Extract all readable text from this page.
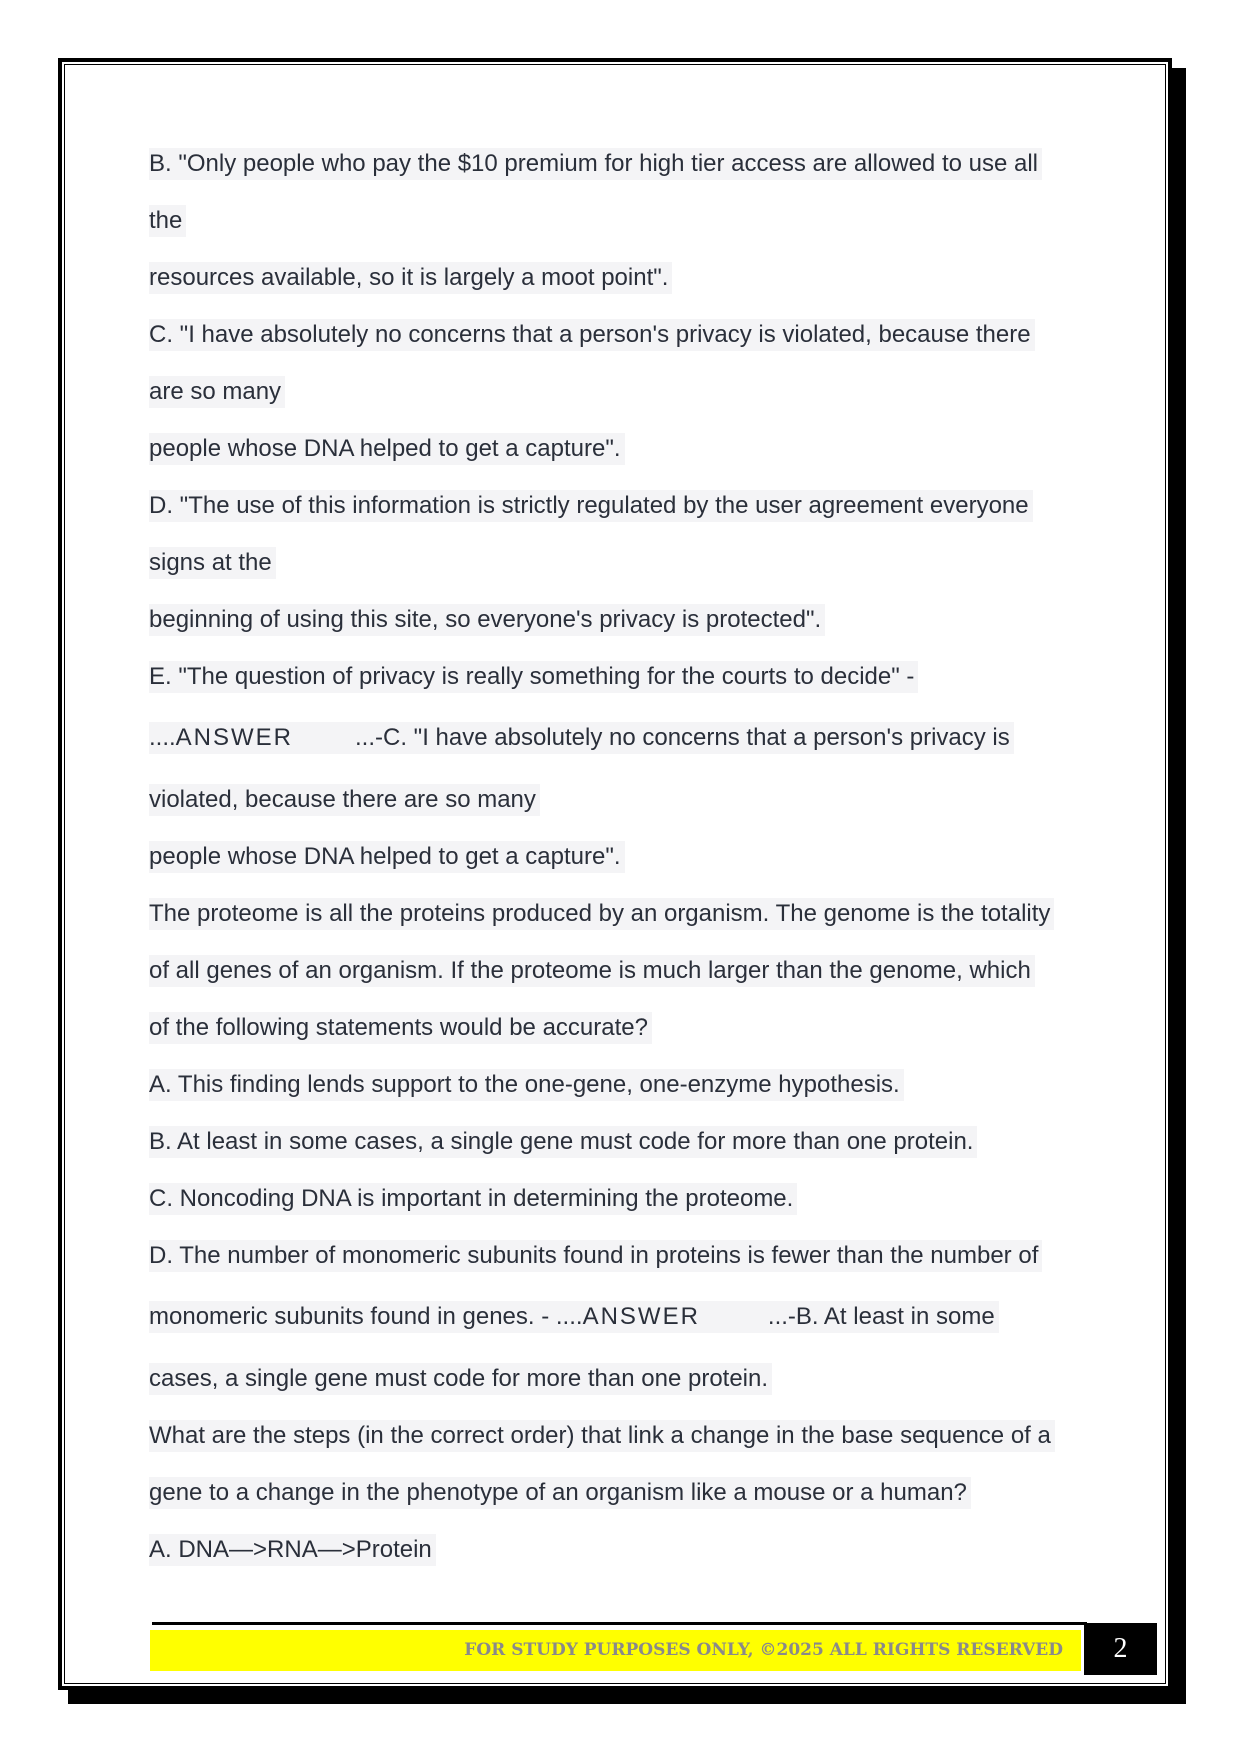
B. "Only people who pay the $10 premium for high tier access are allowed to use all
the
resources available, so it is largely a moot point".
C. "I have absolutely no concerns that a person's privacy is violated, because there
are so many
people whose DNA helped to get a capture".
D. "The use of this information is strictly regulated by the user agreement everyone
signs at the
beginning of using this site, so everyone's privacy is protected".
E. "The question of privacy is really something for the courts to decide" -
....ANSWER	...-C. "I have absolutely no concerns that a person's privacy is
violated, because there are so many
people whose DNA helped to get a capture".
The proteome is all the proteins produced by an organism. The genome is the totality
of all genes of an organism. If the proteome is much larger than the genome, which
of the following statements would be accurate?
A. This finding lends support to the one-gene, one-enzyme hypothesis.
B. At least in some cases, a single gene must code for more than one protein.
C. Noncoding DNA is important in determining the proteome.
D. The number of monomeric subunits found in proteins is fewer than the number of
monomeric subunits found in genes. - ....ANSWER	...-B. At least in some
cases, a single gene must code for more than one protein.
What are the steps (in the correct order) that link a change in the base sequence of a
gene to a change in the phenotype of an organism like a mouse or a human?
A. DNA—>RNA—>Protein
FOR STUDY PURPOSES ONLY, ©2025 ALL RIGHTS RESERVED	2
